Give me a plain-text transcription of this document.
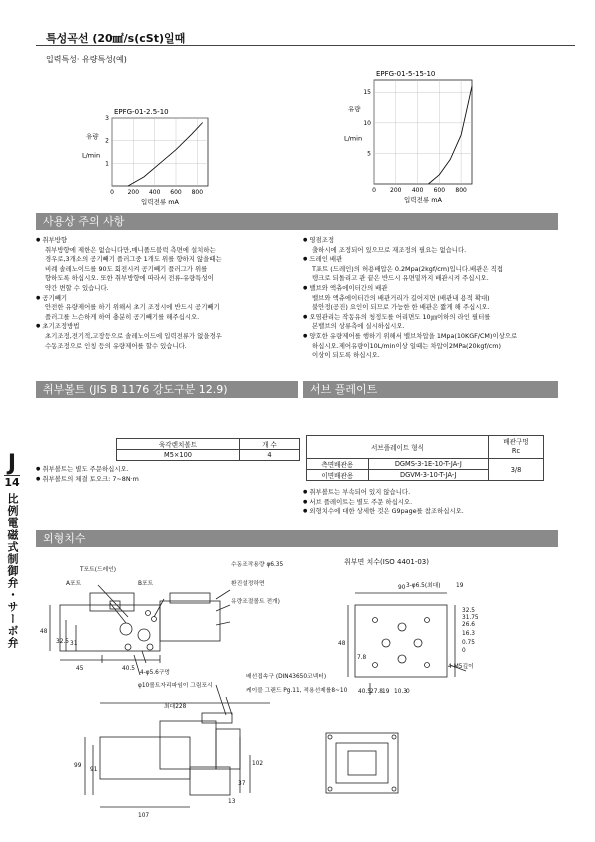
특성곡선 (20㎟/s(cSt)일때
입력특성· 유량특성(예)
EPFG-01-2.5-10
0 200 400 600 800
1
2
3
유량
L/min
입력전류 mA
EPFG-01-5-15-10
0 200 400 600 800
5
10
15
유량
L/min
입력전류 mA
사용상 주의 사항
● 취부방향
취부방향에 제한은 없습니다만,매니폴드블럭 측면에 설치하는
경우로,3개소의 공기빼기 플러그중 1개도 위를 향하지 않을때는
비례 솔레노이드를 90도 회전시켜 공기빼기 플러그가 위를
향하도록 하십시오. 또한 취부방향에 따라서 전류-유량특성이
약간 변할 수 있습니다.
● 공기빼기
안전한 유량제어를 하기 위해서 초기 조정시에 반드시 공기빼기
플러그를 느슨하게 하여 충분히 공기빼기를 해주십시오.
● 초기조정방법
초기조정,전기적,고장등으로 솔레노이드에 입력전류가 없을경우
수동조정으로 인칭 등의 유량제어를 할수 있습니다.
● 영점조정
출하시에 조정되어 있으므로 재조정의 필요는 없습니다.
● 드레인 배관
T포트 (드레인)의 허용배압은 0.2Mpa(2kgf/cm)입니다.배관은 직접
탱크로 되돌리고 관 끝은 반드시 유면밑까지 배관시켜 주십시오.
● 밸브와 액츄에이터간의 배관
밸브와 액츄에이터간의 배관거리가 길어지면 (배관내 용적 확대)
불안정(공진) 요인이 되므로 가능한 한 배관은 짧게 해 주십시오.
● 오염관리는 작동유의 청정도를 어리면도 10㎛이하의 라인 필터를
본밸브의 상류측에 실시하십시오.
● 양호한 유량제어를 행하기 위해서 밸브차압을 1Mpa(10KGF/CM)이상으로
하십시오.제어유량이10L/min이상 일때는 차압이2MPa(20kgf/cm)
이상이 되도록 하십시오.
취부볼트 (JIS B 1176 강도구분 12.9)
육각렌치볼트	개 수
M5×100	4
● 취부볼트는 별도 주문하십시오.
● 취부볼트의 체결 토오크: 7~8N·m
서브 플레이트
서브플레이트 형식		배관구멍
Rc
측면배관용	DGMS-3-1E-10-T-JA-J	3/8
이면배관용	DGVM-3-10-T-JA-J	
● 취부볼트는 부속되어 있지 않습니다.
● 서브 플레이트는 별도 주문 하십시오.
● 외형치수에 대한 상세한 것은 G9page를 참조하십시오.
외형치수
J
14
比例電磁式制御弁・サーボ弁	T포트(드레인)
A포트	B포트
수동조작용량 φ6.35
환진설정하면
유량조절볼트 전개)
4-φ5.6구멍
φ10볼트자리파임이 그림포시
취부면 치수(ISO 4401-03)
3-φ6.5(최대)
4-M5깊이
배선접속구 (DIN43650코넥터)
케이블 그랜드 Pg.11, 적용선제를8~10
48
32.5 31
45	40.5
90	19
32.5
31.75
26.6
16.3
0.75
0
48
7.8
40.5 27.8 19 10.3 0
최대228
99
91
107
13
37
102
